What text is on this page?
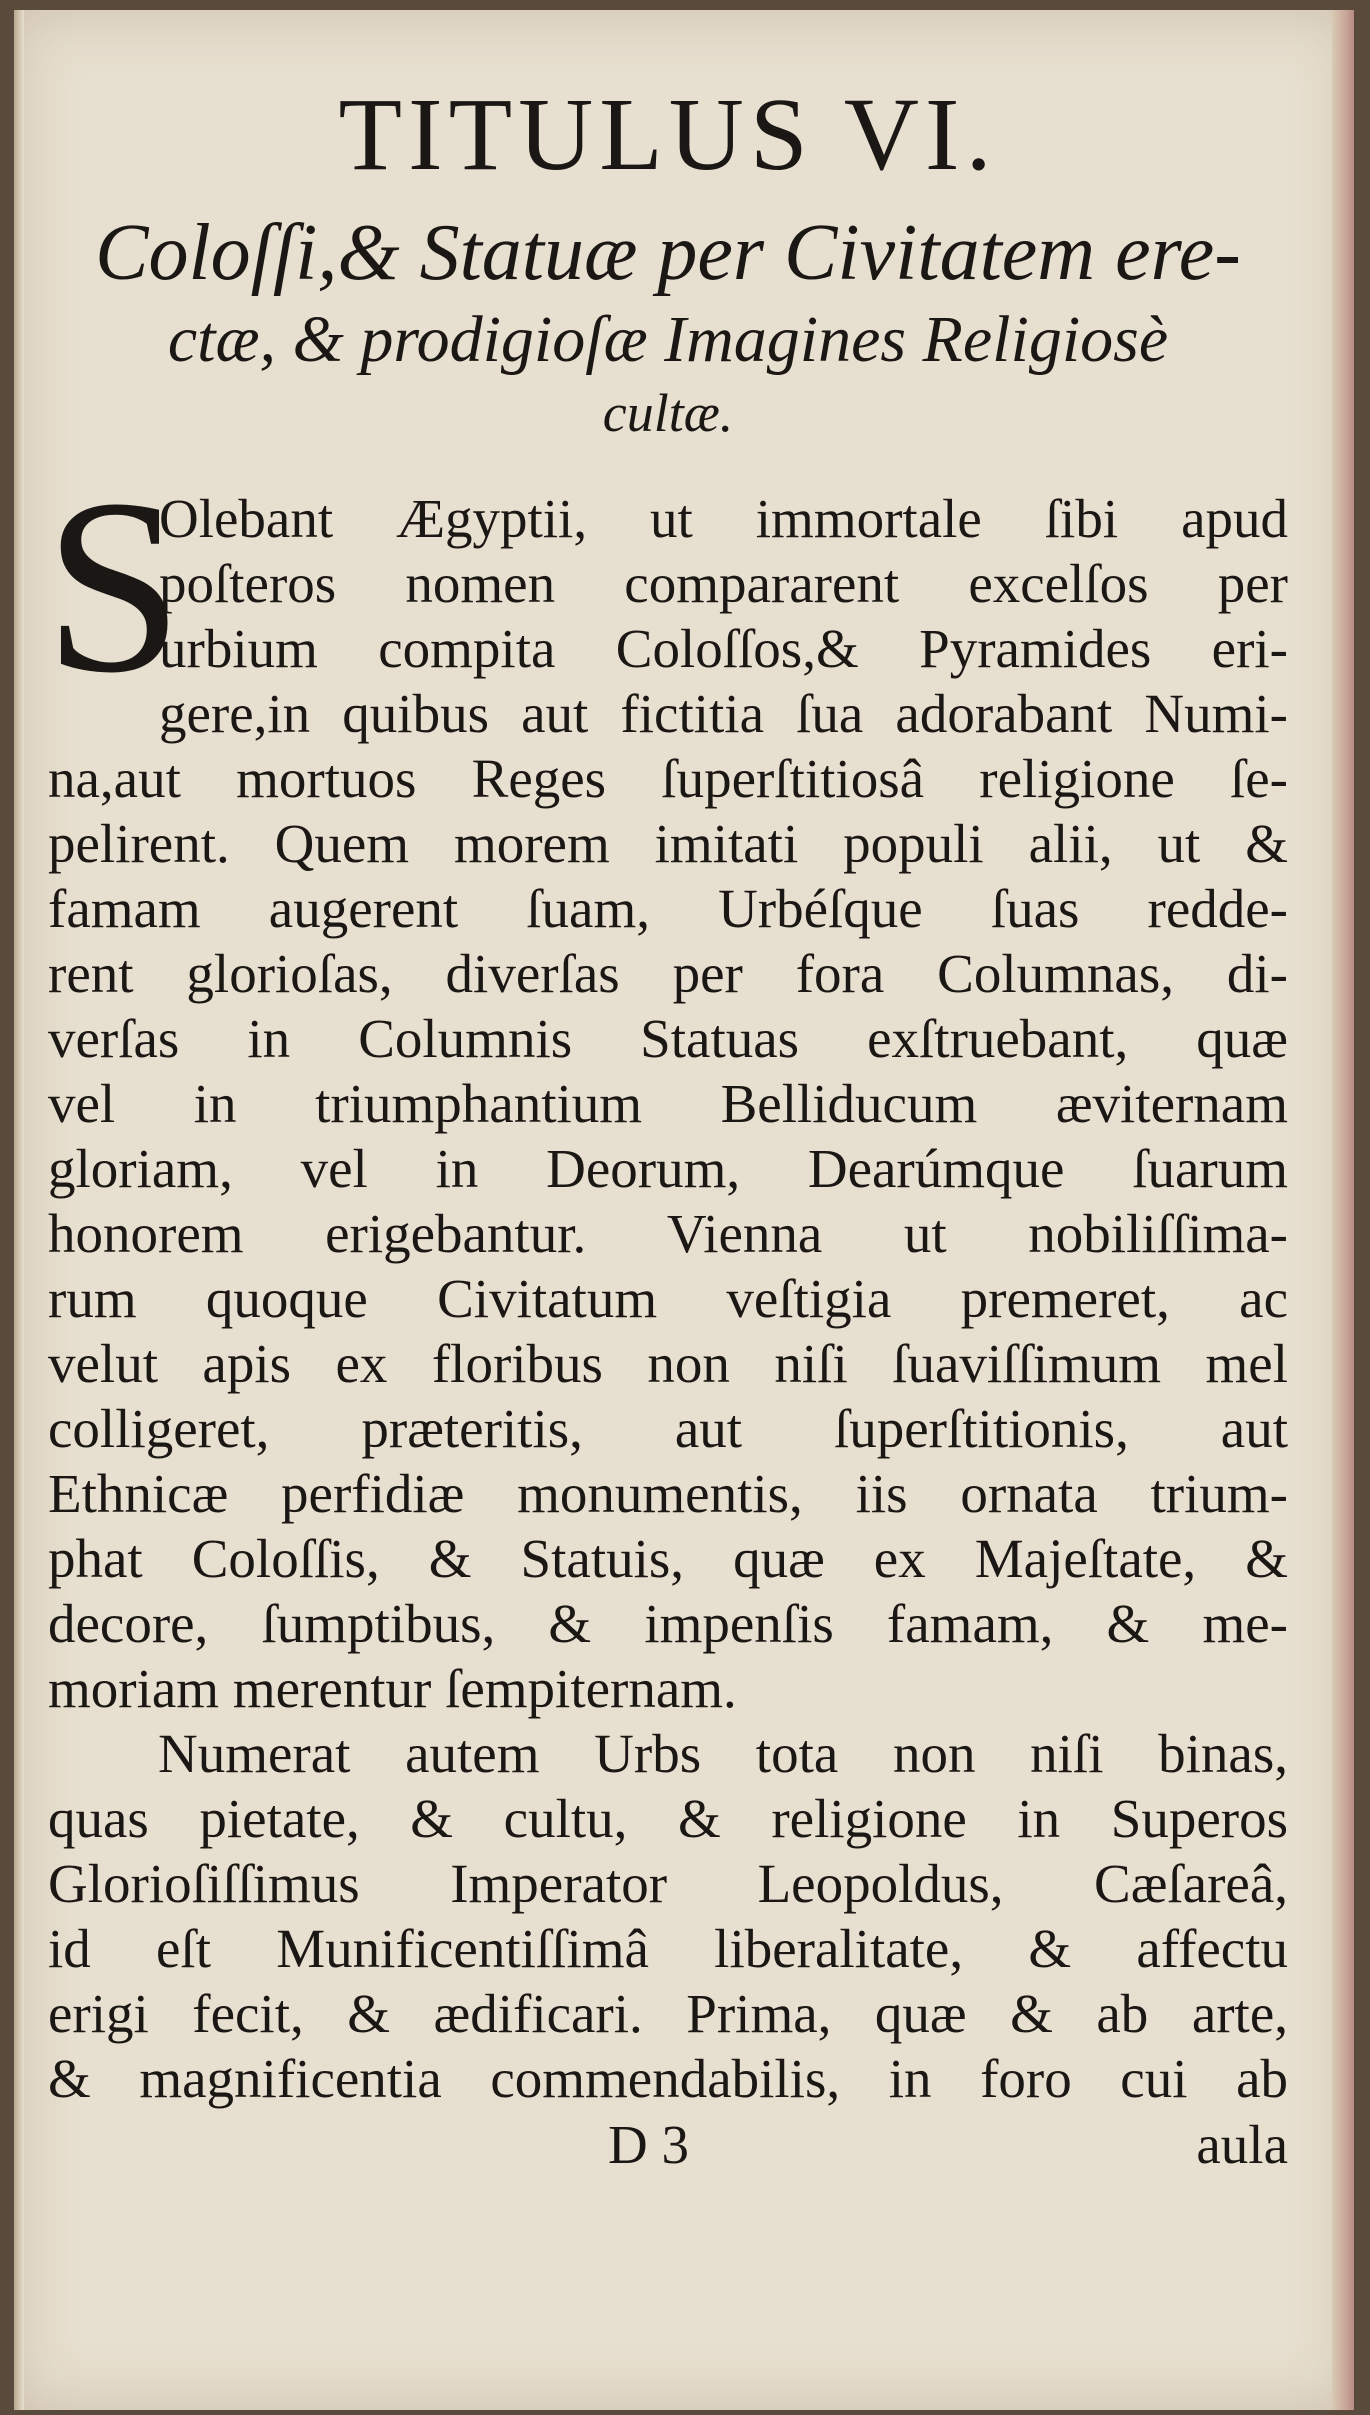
TITULUS VI.
Coloſſi,& Statuæ per Civitatem ere-
ctæ, & prodigioſæ Imagines Religiosè
cultæ.
S
Olebant Ægyptii, ut immortale ſibi apud
poſteros nomen compararent excelſos per
urbium compita Coloſſos,& Pyramides eri-
gere,in quibus aut fictitia ſua adorabant Numi-
na,aut mortuos Reges ſuperſtitiosâ religione ſe-
pelirent. Quem morem imitati populi alii, ut &
famam augerent ſuam, Urbéſque ſuas redde-
rent glorioſas, diverſas per fora Columnas, di-
verſas in Columnis Statuas exſtruebant, quæ
vel in triumphantium Belliducum æviternam
gloriam, vel in Deorum, Dearúmque ſuarum
honorem erigebantur. Vienna ut nobiliſſima-
rum quoque Civitatum veſtigia premeret, ac
velut apis ex floribus non niſi ſuaviſſimum mel
colligeret, præteritis, aut ſuperſtitionis, aut
Ethnicæ perfidiæ monumentis, iis ornata trium-
phat Coloſſis, & Statuis, quæ ex Majeſtate, &
decore, ſumptibus, & impenſis famam, & me-
moriam merentur ſempiternam.
Numerat autem Urbs tota non niſi binas,
quas pietate, & cultu, & religione in Superos
Glorioſiſſimus Imperator Leopoldus, Cæſareâ,
id eſt Munificentiſſimâ liberalitate, & affectu
erigi fecit, & ædificari. Prima, quæ & ab arte,
& magnificentia commendabilis, in foro cui ab
D 3	aula
